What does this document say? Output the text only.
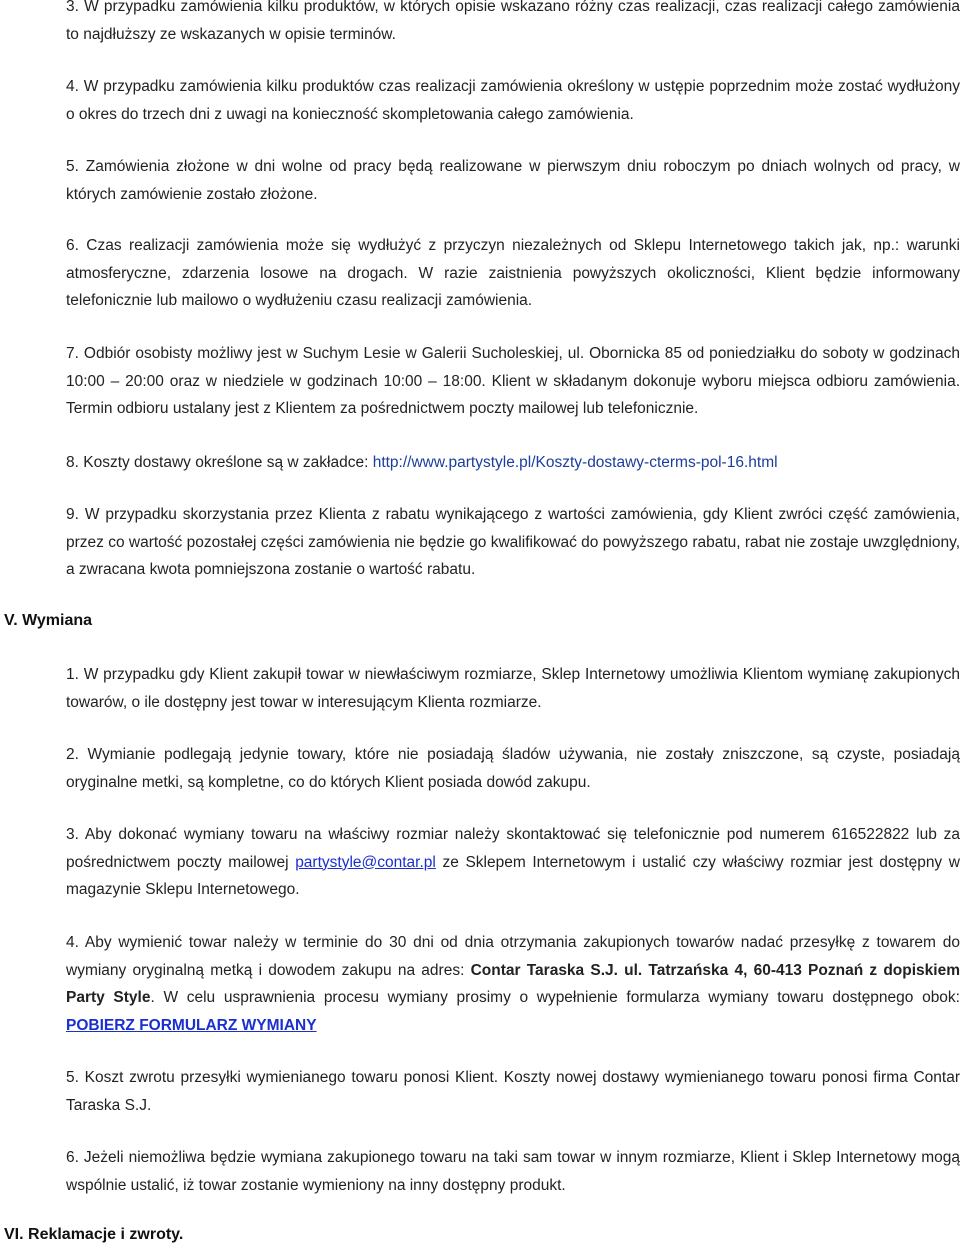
3. W przypadku zamówienia kilku produktów, w których opisie wskazano różny czas realizacji, czas realizacji całego zamówienia to najdłuższy ze wskazanych w opisie terminów.

4. W przypadku zamówienia kilku produktów czas realizacji zamówienia określony w ustępie poprzednim może zostać wydłużony o okres do trzech dni z uwagi na konieczność skompletowania całego zamówienia.

5. Zamówienia złożone w dni wolne od pracy będą realizowane w pierwszym dniu roboczym po dniach wolnych od pracy, w których zamówienie zostało złożone.

6. Czas realizacji zamówienia może się wydłużyć z przyczyn niezależnych od Sklepu Internetowego takich jak, np.: warunki atmosferyczne, zdarzenia losowe na drogach. W razie zaistnienia powyższych okoliczności, Klient będzie informowany telefonicznie lub mailowo o wydłużeniu czasu realizacji zamówienia.

7. Odbiór osobisty możliwy jest w Suchym Lesie w Galerii Sucholeskiej, ul. Obornicka 85 od poniedziałku do soboty w godzinach 10:00 – 20:00 oraz w niedziele w godzinach 10:00 – 18:00. Klient w składanym dokonuje wyboru miejsca odbioru zamówienia. Termin odbioru ustalany jest z Klientem za pośrednictwem poczty mailowej lub telefonicznie.

8. Koszty dostawy określone są w zakładce: http://www.partystyle.pl/Koszty-dostawy-cterms-pol-16.html

9. W przypadku skorzystania przez Klienta z rabatu wynikającego z wartości zamówienia, gdy Klient zwróci część zamówienia, przez co wartość pozostałej części zamówienia nie będzie go kwalifikować do powyższego rabatu, rabat nie zostaje uwzględniony, a zwracana kwota pomniejszona zostanie o wartość rabatu.

V. Wymiana

1. W przypadku gdy Klient zakupił towar w niewłaściwym rozmiarze, Sklep Internetowy umożliwia Klientom wymianę zakupionych towarów, o ile dostępny jest towar w interesującym Klienta rozmiarze.

2. Wymianie podlegają jedynie towary, które nie posiadają śladów używania, nie zostały zniszczone, są czyste, posiadają oryginalne metki, są kompletne, co do których Klient posiada dowód zakupu.

3. Aby dokonać wymiany towaru na właściwy rozmiar należy skontaktować się telefonicznie pod numerem 616522822 lub za pośrednictwem poczty mailowej partystyle@contar.pl ze Sklepem Internetowym i ustalić czy właściwy rozmiar jest dostępny w magazynie Sklepu Internetowego.

4. Aby wymienić towar należy w terminie do 30 dni od dnia otrzymania zakupionych towarów nadać przesyłkę z towarem do wymiany oryginalną metką i dowodem zakupu na adres: Contar Taraska S.J. ul. Tatrzańska 4, 60-413 Poznań z dopiskiem Party Style. W celu usprawnienia procesu wymiany prosimy o wypełnienie formularza wymiany towaru dostępnego obok: POBIERZ FORMULARZ WYMIANY

5. Koszt zwrotu przesyłki wymienianego towaru ponosi Klient. Koszty nowej dostawy wymienianego towaru ponosi firma Contar Taraska S.J.

6. Jeżeli niemożliwa będzie wymiana zakupionego towaru na taki sam towar w innym rozmiarze, Klient i Sklep Internetowy mogą wspólnie ustalić, iż towar zostanie wymieniony na inny dostępny produkt.

VI. Reklamacje i zwroty.
